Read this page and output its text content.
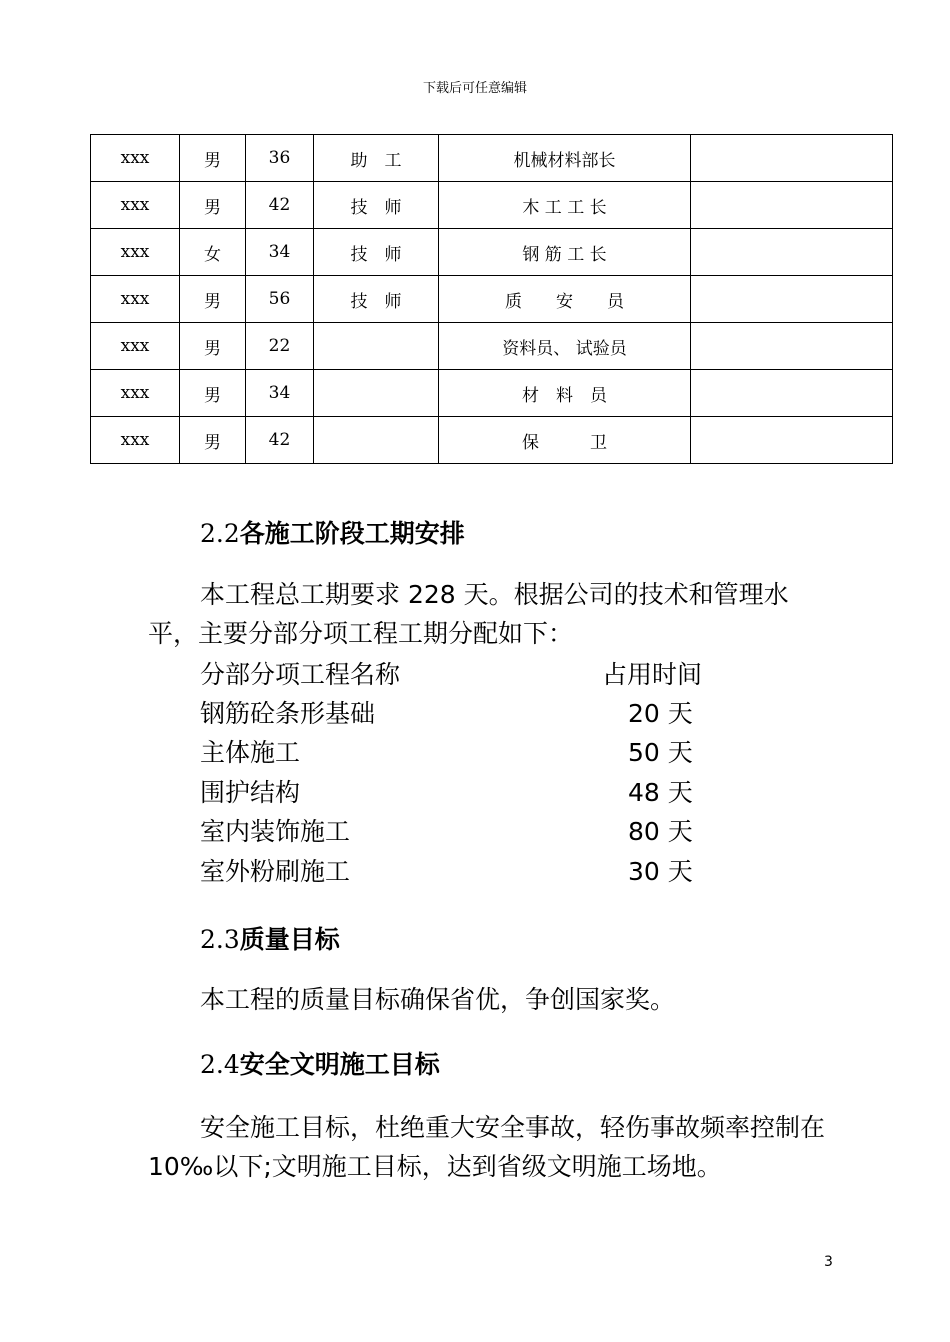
下载后可任意编辑
xxx	男	36	助　工	机械材料部长	
xxx	男	42	技　师	木 工 工 长	
xxx	女	34	技　师	钢 筋 工 长	
xxx	男	56	技　师	质　　安　　员	
xxx	男	22		资料员、 试验员	
xxx	男	34		材　料　员	
xxx	男	42		保　　　卫	
2.2各施工阶段工期安排
本工程总工期要求 228 天。根据公司的技术和管理水平，主要分部分项工程工期分配如下：
分部分项工程名称	占用时间
钢筋砼条形基础	20 天
主体施工	50 天
围护结构	48 天
室内装饰施工	80 天
室外粉刷施工	30 天
2.3质量目标
本工程的质量目标确保省优，争创国家奖。
2.4安全文明施工目标
安全施工目标，杜绝重大安全事故，轻伤事故频率控制在 10‰以下;文明施工目标，达到省级文明施工场地。
3
